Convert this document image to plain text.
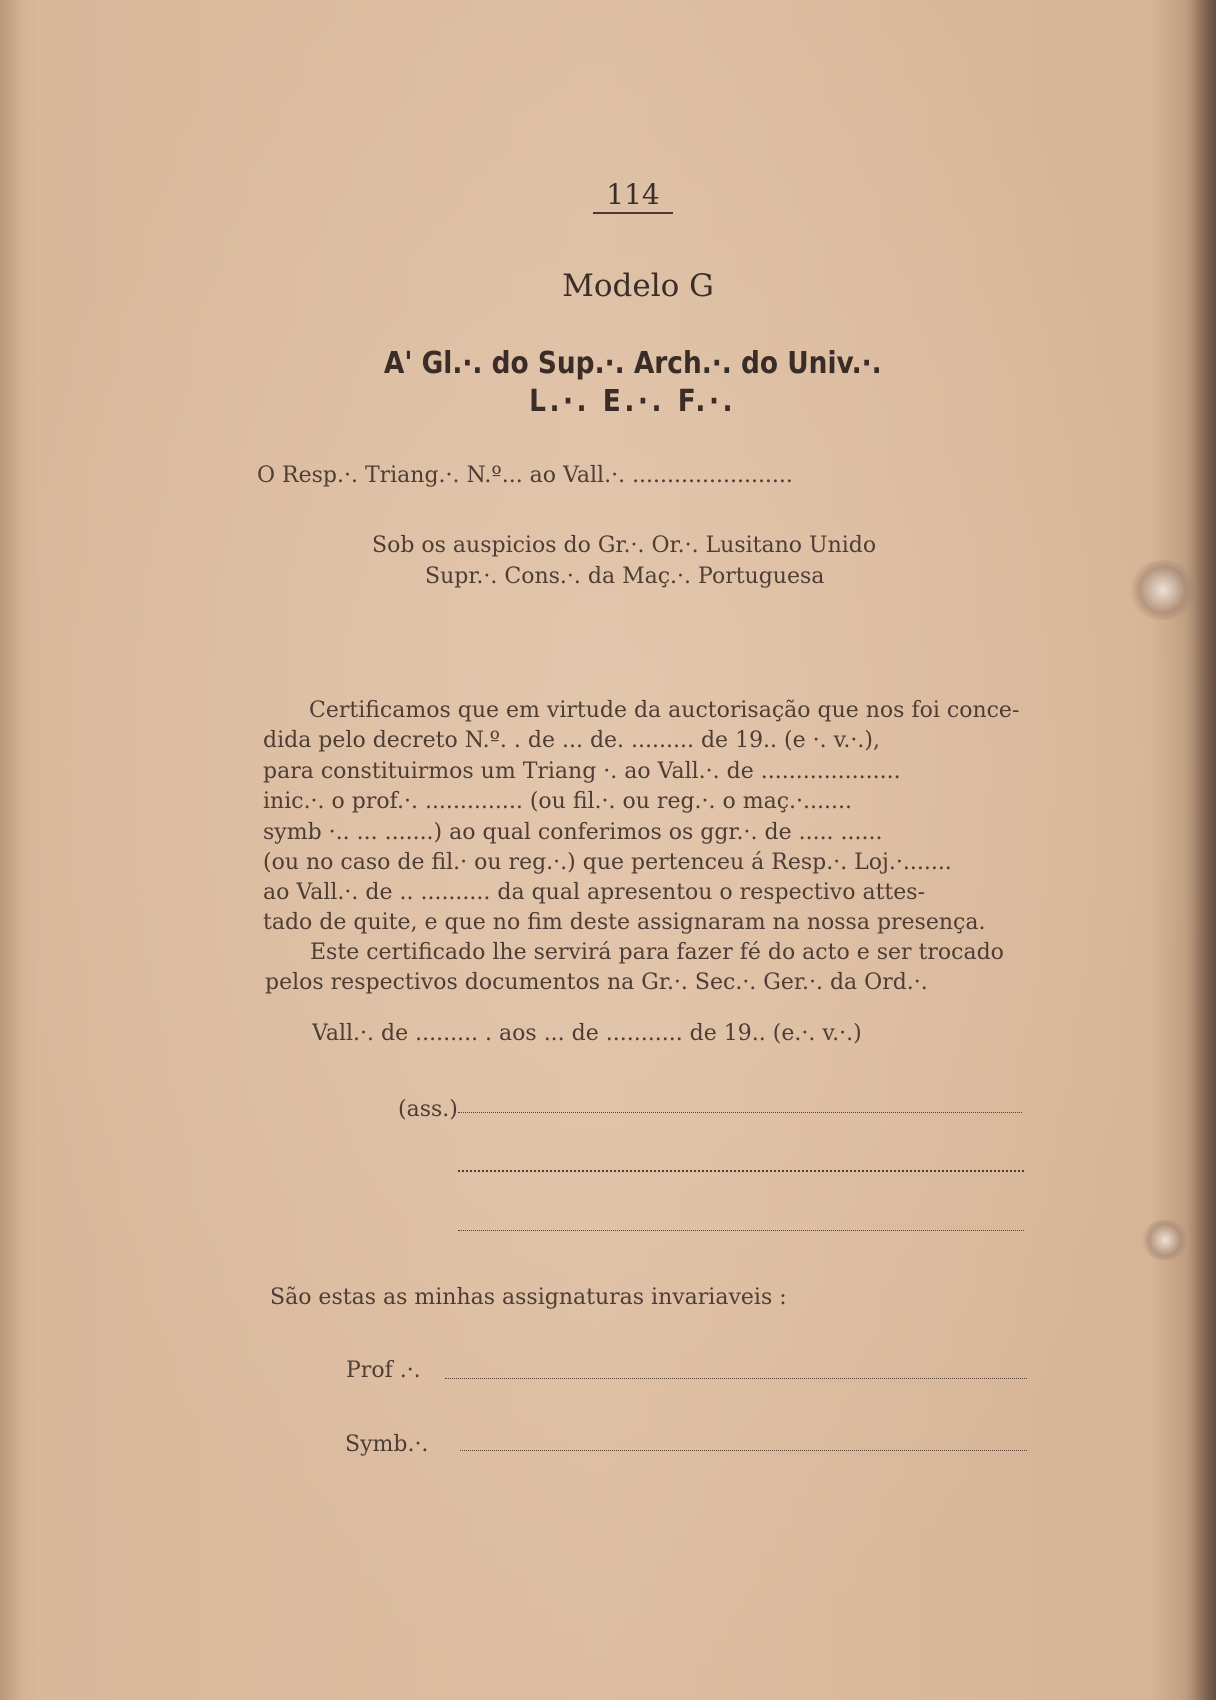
114
Modelo G
A' Gl.·. do Sup.·. Arch.·. do Univ.·.
L.·. E.·. F.·.
O Resp.·. Triang.·. N.º... ao Vall.·. .......................
Sob os auspicios do Gr.·. Or.·. Lusitano Unido
Supr.·. Cons.·. da Maç.·. Portuguesa
Certificamos que em virtude da auctorisação que nos foi conce-
dida pelo decreto N.º. . de ... de. ......... de 19.. (e ·. v.·.),
para constituirmos um Triang ·. ao Vall.·. de ....................
inic.·. o prof.·. .............. (ou fil.·. ou reg.·. o maç.·.......
symb ·.. ... .......) ao qual conferimos os ggr.·. de ..... ......
(ou no caso de fil.· ou reg.·.) que pertenceu á Resp.·. Loj.·.......
ao Vall.·. de .. .......... da qual apresentou o respectivo attes-
tado de quite, e que no fim deste assignaram na nossa presença.
Este certificado lhe servirá para fazer fé do acto e ser trocado
pelos respectivos documentos na Gr.·. Sec.·. Ger.·. da Ord.·.
Vall.·. de ......... . aos ... de ........... de 19.. (e.·. v.·.)
(ass.)
São estas as minhas assignaturas invariaveis :
Prof .·.
Symb.·.
